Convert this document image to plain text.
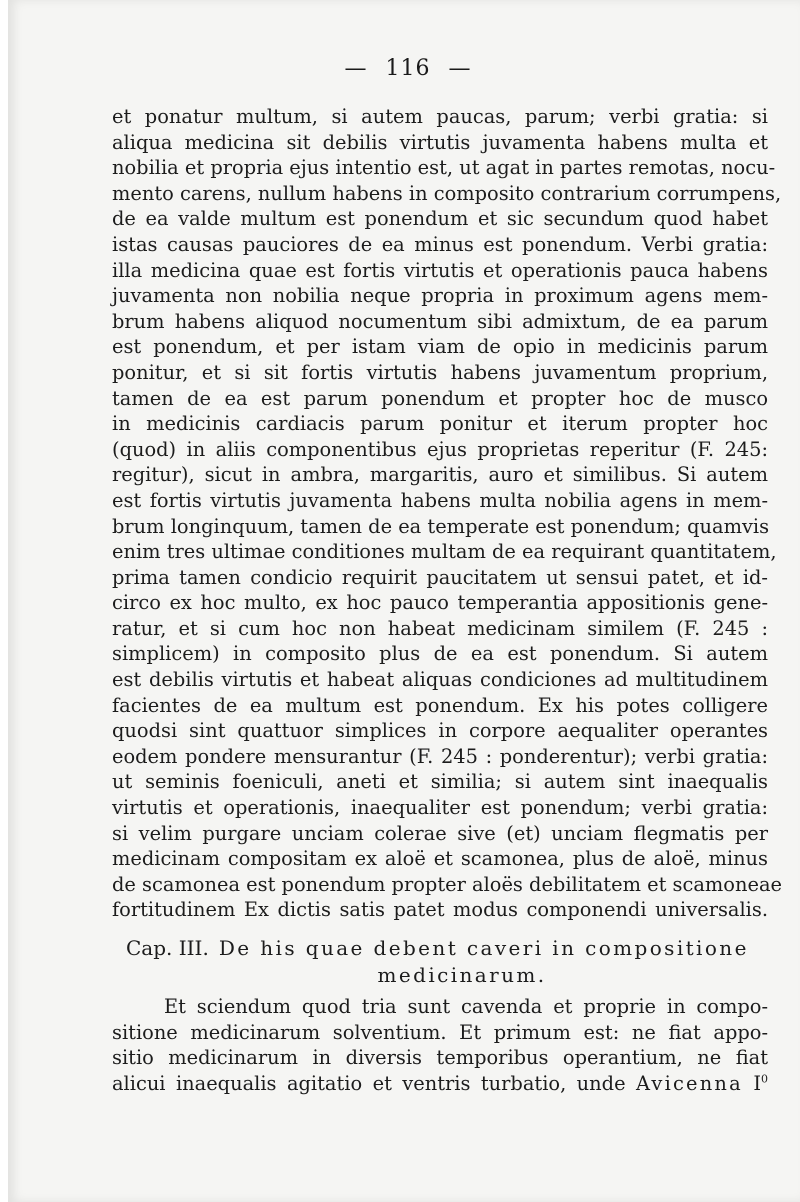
— 116 —
et ponatur multum, si autem paucas, parum; verbi gratia: si
aliqua medicina sit debilis virtutis juvamenta habens multa et
nobilia et propria ejus intentio est, ut agat in partes remotas, nocu-
mento carens, nullum habens in composito contrarium corrumpens,
de ea valde multum est ponendum et sic secundum quod habet
istas causas pauciores de ea minus est ponendum. Verbi gratia:
illa medicina quae est fortis virtutis et operationis pauca habens
juvamenta non nobilia neque propria in proximum agens mem-
brum habens aliquod nocumentum sibi admixtum, de ea parum
est ponendum, et per istam viam de opio in medicinis parum
ponitur, et si sit fortis virtutis habens juvamentum proprium,
tamen de ea est parum ponendum et propter hoc de musco
in medicinis cardiacis parum ponitur et iterum propter hoc
(quod) in aliis componentibus ejus proprietas reperitur (F. 245:
regitur), sicut in ambra, margaritis, auro et similibus. Si autem
est fortis virtutis juvamenta habens multa nobilia agens in mem-
brum longinquum, tamen de ea temperate est ponendum; quamvis
enim tres ultimae conditiones multam de ea requirant quantitatem,
prima tamen condicio requirit paucitatem ut sensui patet, et id-
circo ex hoc multo, ex hoc pauco temperantia appositionis gene-
ratur, et si cum hoc non habeat medicinam similem (F. 245 :
simplicem) in composito plus de ea est ponendum. Si autem
est debilis virtutis et habeat aliquas condiciones ad multitudinem
facientes de ea multum est ponendum. Ex his potes colligere
quodsi sint quattuor simplices in corpore aequaliter operantes
eodem pondere mensurantur (F. 245 : ponderentur); verbi gratia:
ut seminis foeniculi, aneti et similia; si autem sint inaequalis
virtutis et operationis, inaequaliter est ponendum; verbi gratia:
si velim purgare unciam colerae sive (et) unciam flegmatis per
medicinam compositam ex aloë et scamonea, plus de aloë, minus
de scamonea est ponendum propter aloës debilitatem et scamoneae
fortitudinem Ex dictis satis patet modus componendi universalis.
Cap. III. De his quae debent caveri in compositione
medicinarum.
Et sciendum quod tria sunt cavenda et proprie in compo-
sitione medicinarum solventium. Et primum est: ne fiat appo-
sitio medicinarum in diversis temporibus operantium, ne fiat
alicui inaequalis agitatio et ventris turbatio, unde Avicenna I$^0$
